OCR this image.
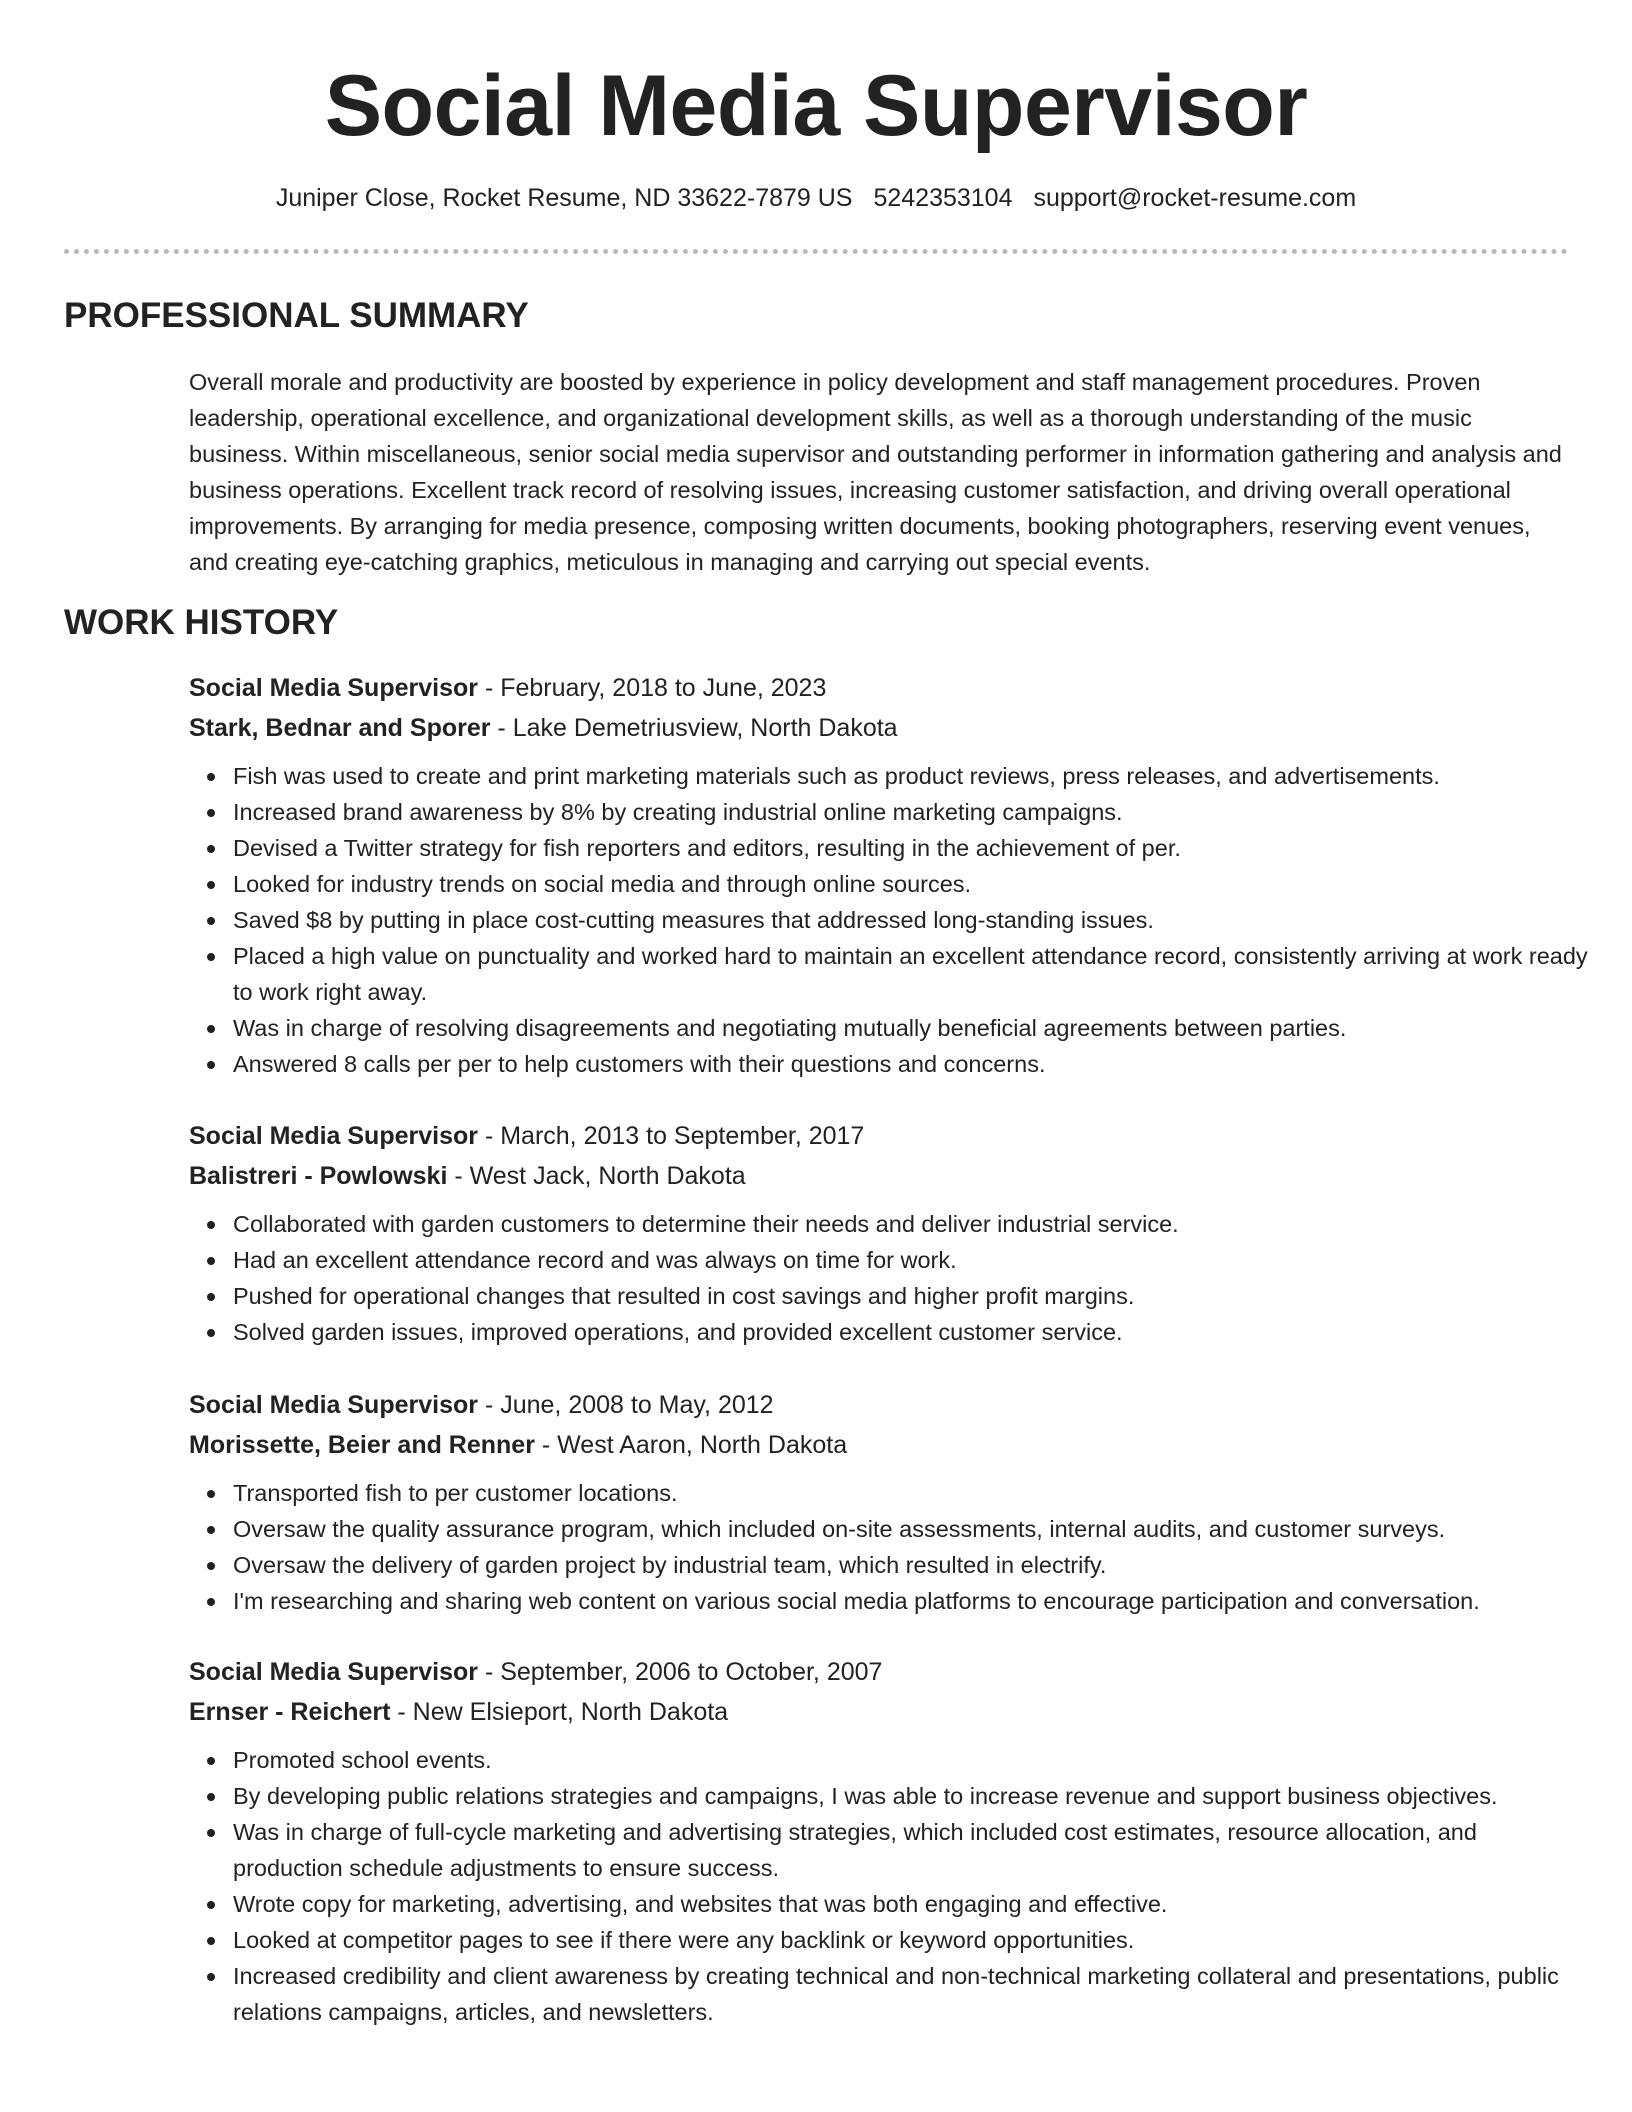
Social Media Supervisor
Juniper Close, Rocket Resume, ND 33622-7879 US 5242353104 support@rocket-resume.com
PROFESSIONAL SUMMARY

Overall morale and productivity are boosted by experience in policy development and staff management procedures. Proven leadership, operational excellence, and organizational development skills, as well as a thorough understanding of the music business. Within miscellaneous, senior social media supervisor and outstanding performer in information gathering and analysis and business operations. Excellent track record of resolving issues, increasing customer satisfaction, and driving overall operational improvements. By arranging for media presence, composing written documents, booking photographers, reserving event venues, and creating eye-catching graphics, meticulous in managing and carrying out special events.

WORK HISTORY

Social Media Supervisor - February, 2018 to June, 2023

Stark, Bednar and Sporer - Lake Demetriusview, North Dakota

Fish was used to create and print marketing materials such as product reviews, press releases, and advertisements.
Increased brand awareness by 8% by creating industrial online marketing campaigns.
Devised a Twitter strategy for fish reporters and editors, resulting in the achievement of per.
Looked for industry trends on social media and through online sources.
Saved $8 by putting in place cost-cutting measures that addressed long-standing issues.
Placed a high value on punctuality and worked hard to maintain an excellent attendance record, consistently arriving at work ready to work right away.
Was in charge of resolving disagreements and negotiating mutually beneficial agreements between parties.
Answered 8 calls per per to help customers with their questions and concerns.

Social Media Supervisor - March, 2013 to September, 2017

Balistreri - Powlowski - West Jack, North Dakota

Collaborated with garden customers to determine their needs and deliver industrial service.
Had an excellent attendance record and was always on time for work.
Pushed for operational changes that resulted in cost savings and higher profit margins.
Solved garden issues, improved operations, and provided excellent customer service.

Social Media Supervisor - June, 2008 to May, 2012

Morissette, Beier and Renner - West Aaron, North Dakota

Transported fish to per customer locations.
Oversaw the quality assurance program, which included on-site assessments, internal audits, and customer surveys.
Oversaw the delivery of garden project by industrial team, which resulted in electrify.
I'm researching and sharing web content on various social media platforms to encourage participation and conversation.

Social Media Supervisor - September, 2006 to October, 2007

Ernser - Reichert - New Elsieport, North Dakota

Promoted school events.
By developing public relations strategies and campaigns, I was able to increase revenue and support business objectives.
Was in charge of full-cycle marketing and advertising strategies, which included cost estimates, resource allocation, and production schedule adjustments to ensure success.
Wrote copy for marketing, advertising, and websites that was both engaging and effective.
Looked at competitor pages to see if there were any backlink or keyword opportunities.
Increased credibility and client awareness by creating technical and non-technical marketing collateral and presentations, public relations campaigns, articles, and newsletters.
